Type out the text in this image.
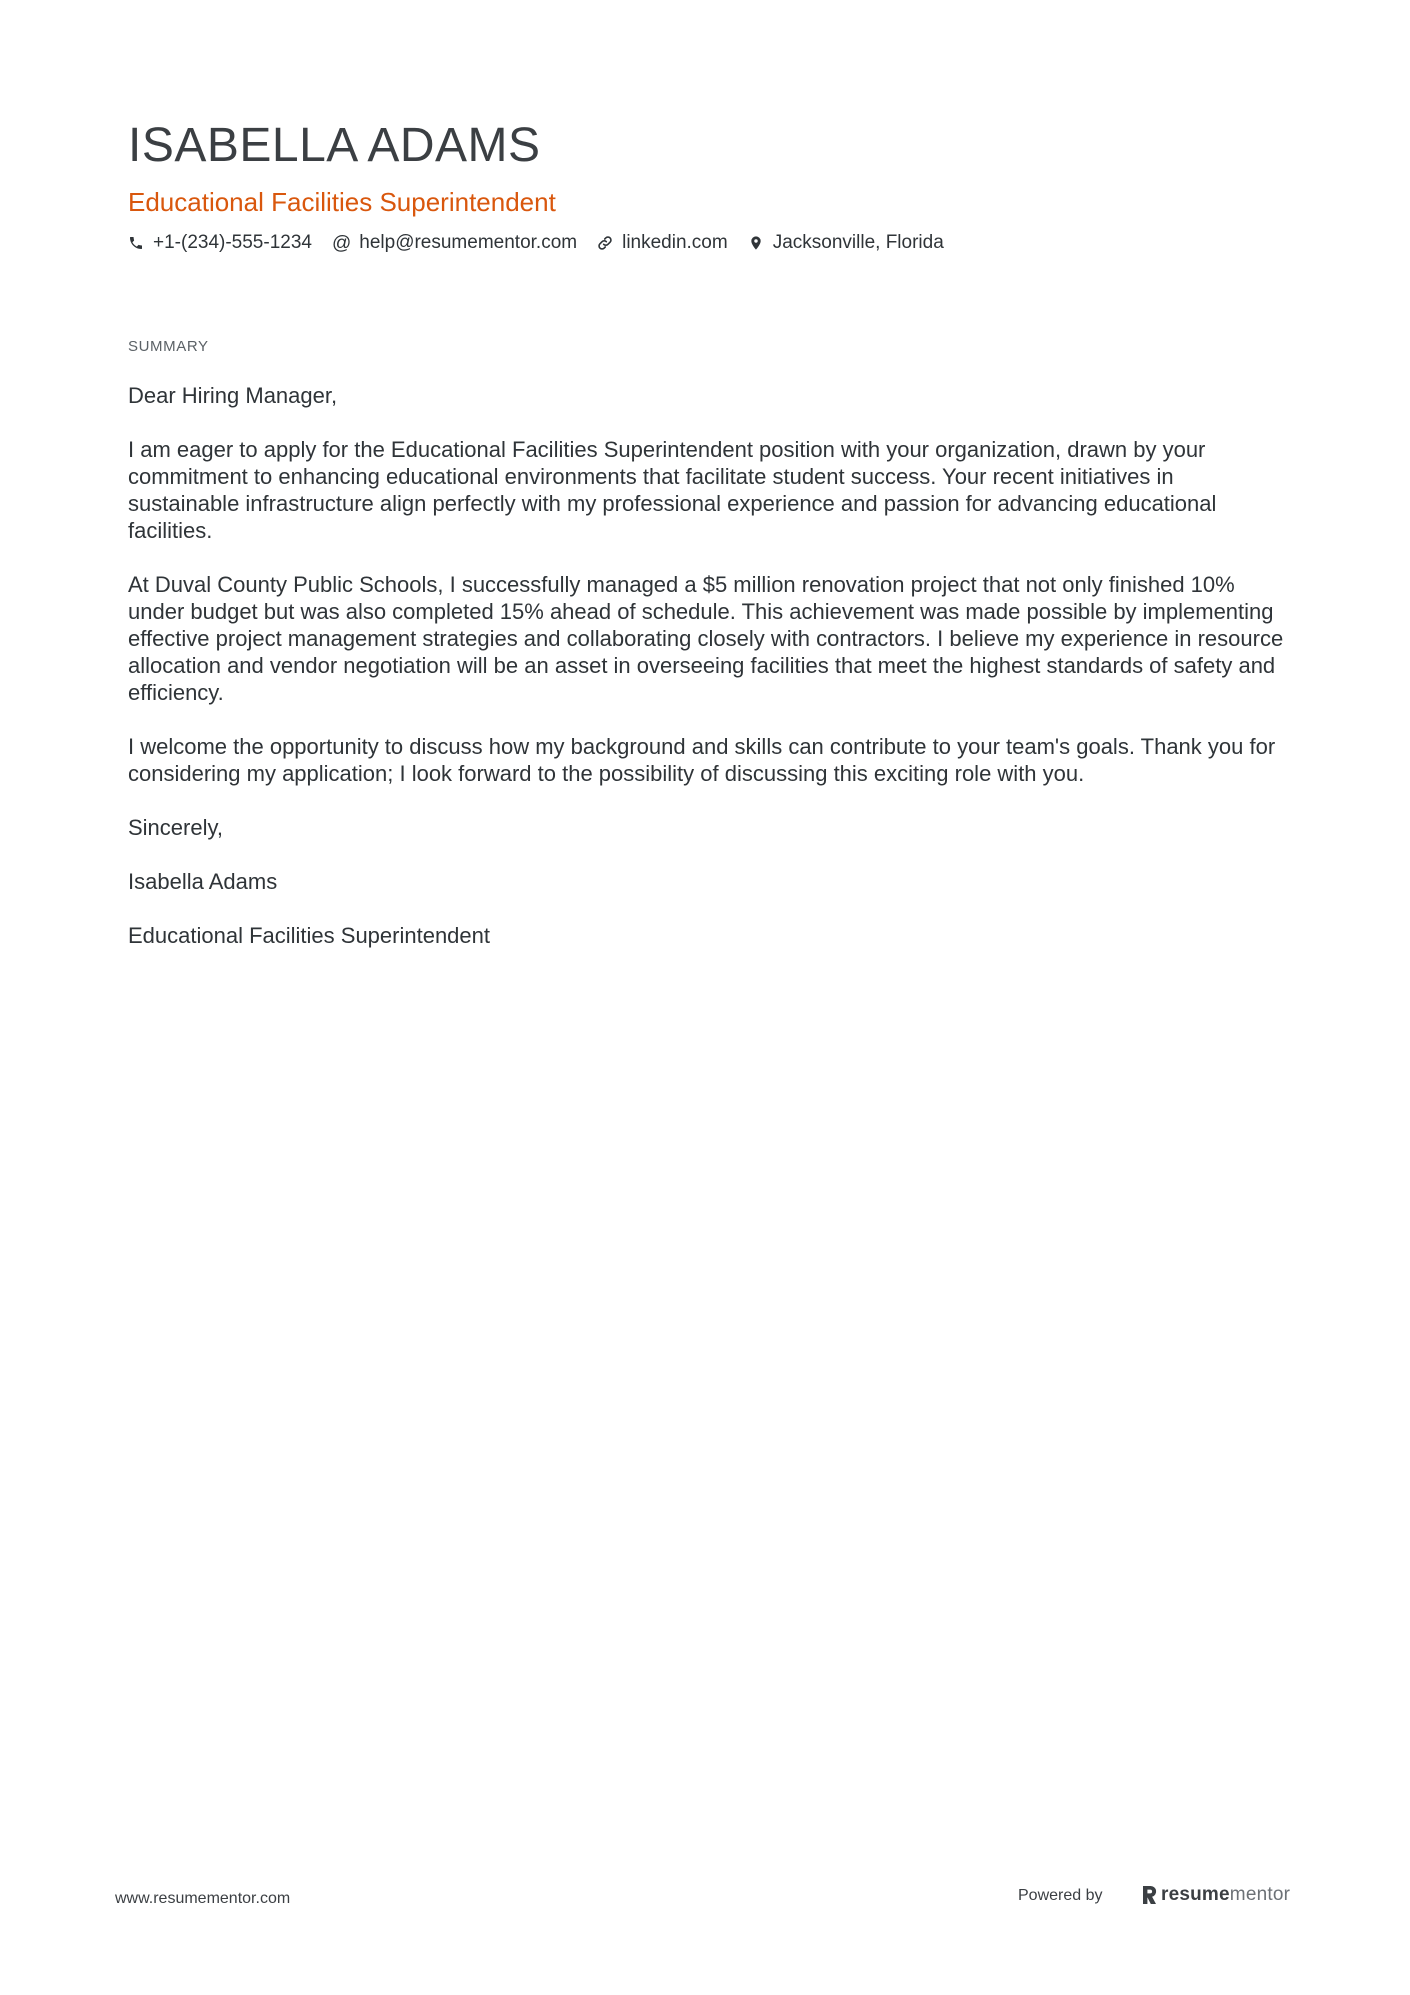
ISABELLA ADAMS
Educational Facilities Superintendent
+1-(234)-555-1234 @ help@resumementor.com linkedin.com Jacksonville, Florida
SUMMARY

Dear Hiring Manager,

I am eager to apply for the Educational Facilities Superintendent position with your organization, drawn by your commitment to enhancing educational environments that facilitate student success. Your recent initiatives in sustainable infrastructure align perfectly with my professional experience and passion for advancing educational facilities.

At Duval County Public Schools, I successfully managed a $5 million renovation project that not only finished 10% under budget but was also completed 15% ahead of schedule. This achievement was made possible by implementing effective project management strategies and collaborating closely with contractors. I believe my experience in resource allocation and vendor negotiation will be an asset in overseeing facilities that meet the highest standards of safety and efficiency.

I welcome the opportunity to discuss how my background and skills can contribute to your team's goals. Thank you for considering my application; I look forward to the possibility of discussing this exciting role with you.

Sincerely,

Isabella Adams

Educational Facilities Superintendent

www.resumementor.com	Powered by	resumementor
